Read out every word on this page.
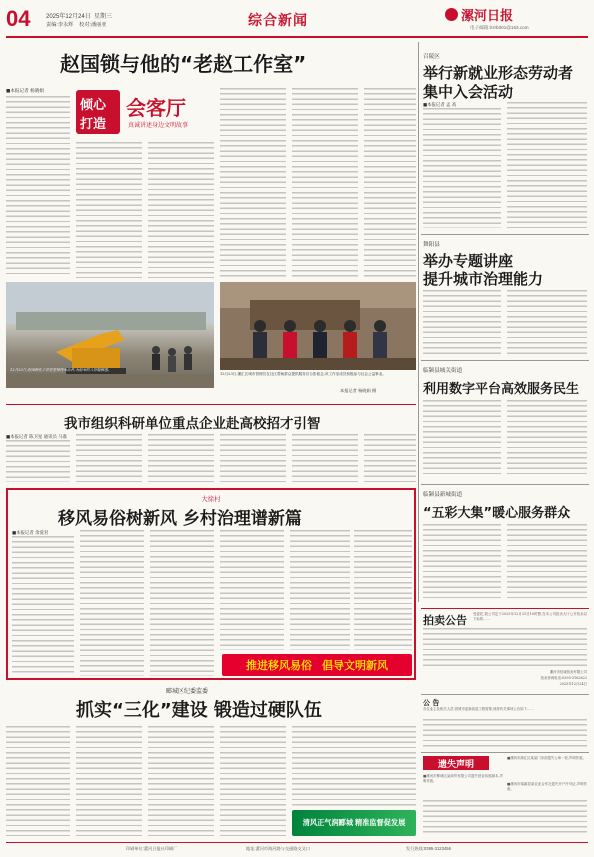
04	2025年12月24日 星期三
责编:李永辉 校对:潘丽亚	综合新闻	漯河日报
电子邮箱:lrzrb001@163.com
赵国锁与他的“老赵工作室”
■本报记者 杨晓娟
倾心
打造
会客厅
真诚讲述身边文明故事
12月23日,赵国锁在工作室里接待来访者,为前来的人答疑解惑。
12月23日,漯汇区城市管理员在社区帮助群众提供服务后合影留念,该工作室成员积极参与社会公益事业。
本报记者 杨晓娟 摄
召陵区
举行新就业形态劳动者
集中入会活动
■本报记者 孟 高
舞阳县
举办专题讲座
提升城市治理能力
临颍县城关街道
利用数字平台高效服务民生
临颍县新城街道
“五彩大集”暖心服务群众
我市组织科研单位重点企业赴高校招才引智
■本报记者 陈卫星 通讯员 马准
大徐村
移风易俗树新风 乡村治理谱新篇
■本报记者 余爱君
推进移风易俗 倡导文明新风
郾城区纪委监委
抓实“三化”建设 锻造过硬队伍
清风正气润郾城 精准监督促发展
拍卖公告 受委托,我公司定于2025年12月31日10时整,在本公司拍卖大厅公开拍卖以下标的……
漯河市信诚拍卖有限公司
拍卖咨询电话:0395-3162822
2025年12月24日
公 告
各位业主及相关人员:因城市更新改造工程需要,现将有关事项公告如下……
遗失声明
■漯河市郾城区某商贸有限公司遗失营业执照副本,声明作废。
■漯河市源汇区某某门市部遗失公章一枚,声明作废。
■漯河市临颍县某农业合作社遗失开户许可证,声明作废。
印刷单位:漯河日报社印刷厂	地址:漯河市海河路与交通路交叉口	发行热线:0395-3123456
